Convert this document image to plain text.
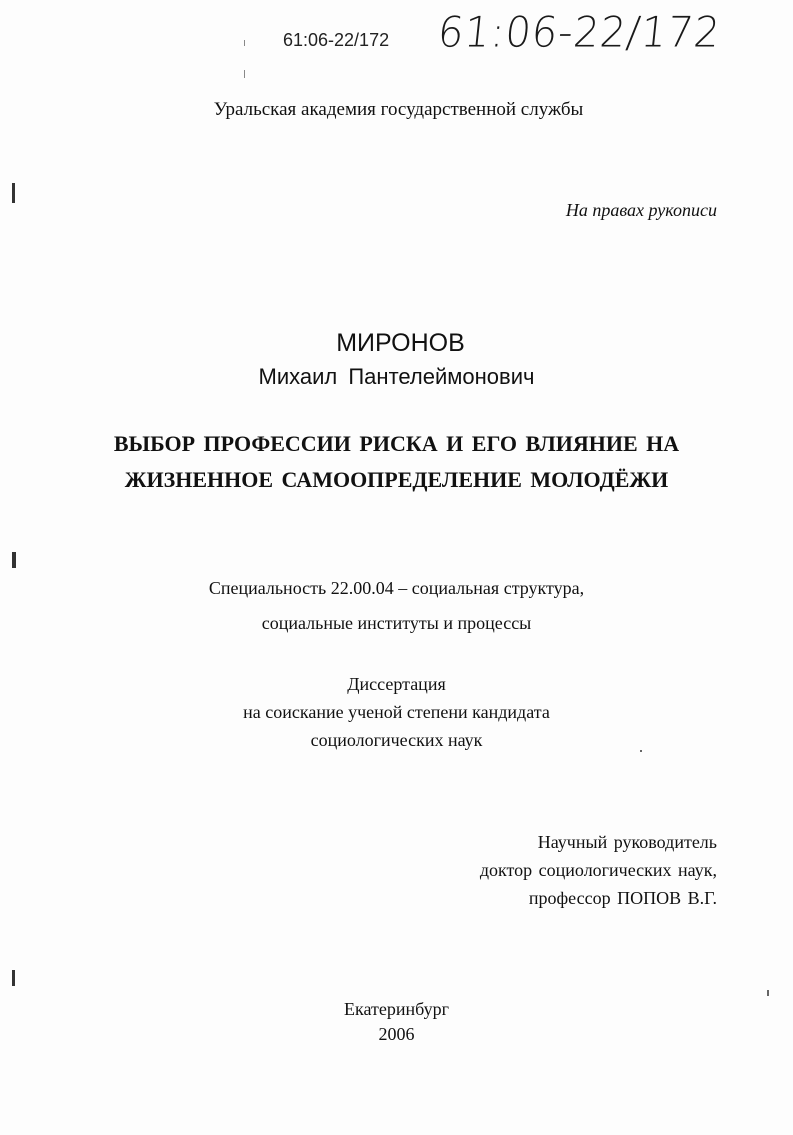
61:06-22/172 61:06-22/172
Уральская академия государственной службы
На правах рукописи
МИРОНОВ
Михаил Пантелеймонович
ВЫБОР ПРОФЕССИИ РИСКА И ЕГО ВЛИЯНИЕ НА
ЖИЗНЕННОЕ САМООПРЕДЕЛЕНИЕ МОЛОДЁЖИ
Специальность 22.00.04 – социальная структура,
социальные институты и процессы
Диссертация
на соискание ученой степени кандидата
социологических наук
Научный руководитель
доктор социологических наук,
профессор ПОПОВ В.Г.
Екатеринбург
2006
